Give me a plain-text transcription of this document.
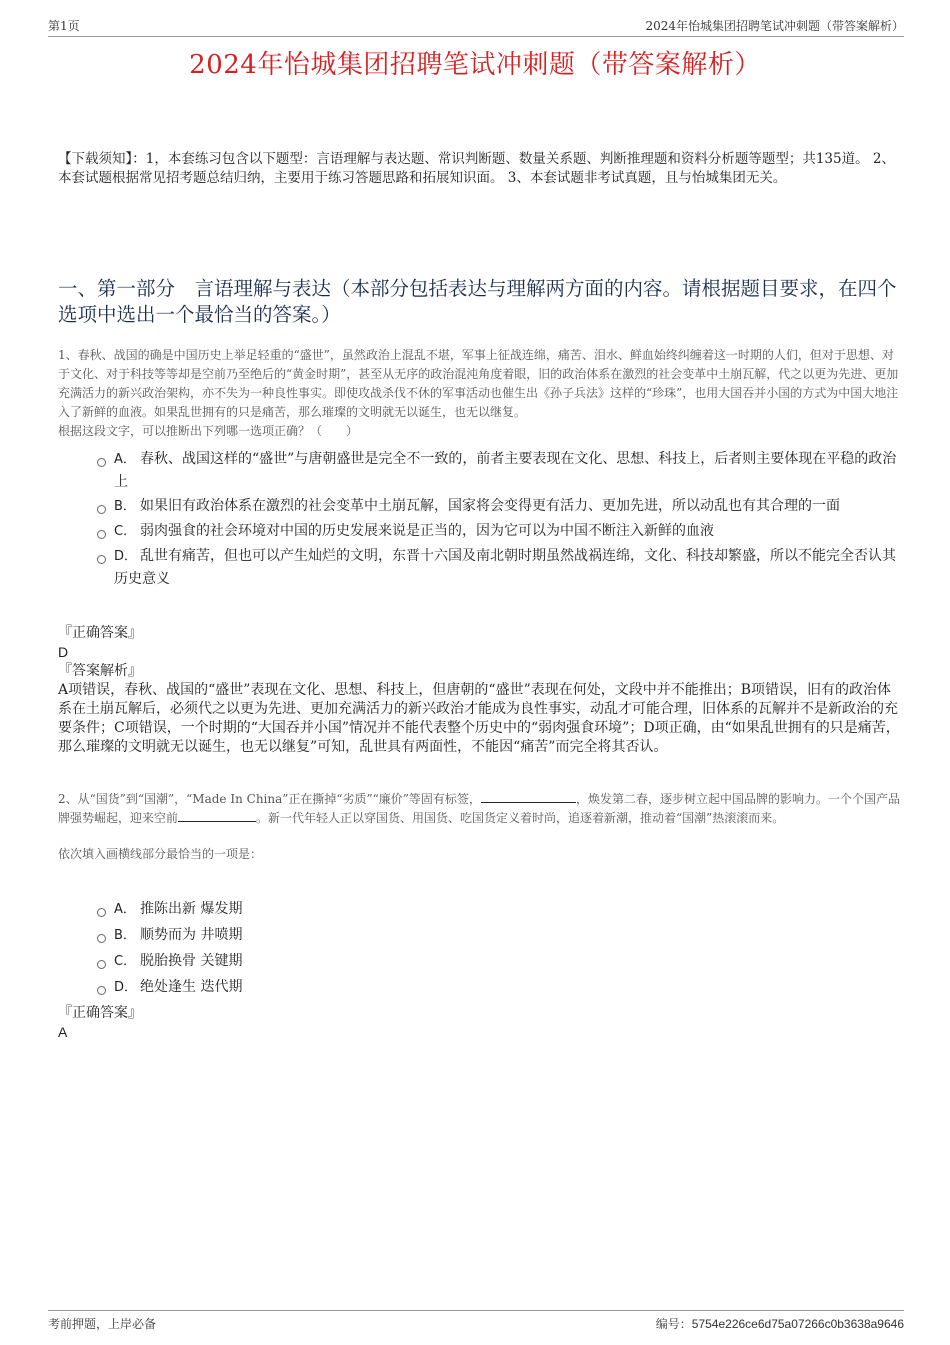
第1页	2024年怡城集团招聘笔试冲刺题（带答案解析）
2024年怡城集团招聘笔试冲刺题（带答案解析）
【下载须知】：1，本套练习包含以下题型：言语理解与表达题、常识判断题、数量关系题、判断推理题和资料分析题等题型；共135道。 2、本套试题根据常见招考题总结归纳，主要用于练习答题思路和拓展知识面。 3、本套试题非考试真题，且与怡城集团无关。
一、第一部分　言语理解与表达（本部分包括表达与理解两方面的内容。请根据题目要求，在四个选项中选出一个最恰当的答案。）
1、春秋、战国的确是中国历史上举足轻重的“盛世”，虽然政治上混乱不堪，军事上征战连绵，痛苦、泪水、鲜血始终纠缠着这一时期的人们，但对于思想、对于文化、对于科技等等却是空前乃至绝后的“黄金时期”，甚至从无序的政治混沌角度着眼，旧的政治体系在激烈的社会变革中土崩瓦解，代之以更为先进、更加充满活力的新兴政治架构，亦不失为一种良性事实。即使攻战杀伐不休的军事活动也催生出《孙子兵法》这样的“珍珠”，也用大国吞并小国的方式为中国大地注入了新鲜的血液。如果乱世拥有的只是痛苦，那么璀璨的文明就无以诞生，也无以继复。
根据这段文字，可以推断出下列哪一选项正确？（　　）
A． 春秋、战国这样的“盛世”与唐朝盛世是完全不一致的，前者主要表现在文化、思想、科技上，后者则主要体现在平稳的政治上
B． 如果旧有政治体系在激烈的社会变革中土崩瓦解，国家将会变得更有活力、更加先进，所以动乱也有其合理的一面
C． 弱肉强食的社会环境对中国的历史发展来说是正当的，因为它可以为中国不断注入新鲜的血液
D． 乱世有痛苦，但也可以产生灿烂的文明，东晋十六国及南北朝时期虽然战祸连绵，文化、科技却繁盛，所以不能完全否认其历史意义
『正确答案』
D
『答案解析』
A项错误，春秋、战国的“盛世”表现在文化、思想、科技上，但唐朝的“盛世”表现在何处，文段中并不能推出；B项错误，旧有的政治体系在土崩瓦解后，必须代之以更为先进、更加充满活力的新兴政治才能成为良性事实，动乱才可能合理，旧体系的瓦解并不是新政治的充要条件；C项错误，一个时期的“大国吞并小国”情况并不能代表整个历史中的“弱肉强食环境”；D项正确，由“如果乱世拥有的只是痛苦，那么璀璨的文明就无以诞生，也无以继复”可知，乱世具有两面性，不能因“痛苦”而完全将其否认。
2、从“国货”到“国潮”，“Made In China”正在撕掉“劣质”“廉价”等固有标签，	，焕发第二春，逐步树立起中国品牌的影响力。一个个国产品牌强势崛起，迎来空前	。新一代年轻人正以穿国货、用国货、吃国货定义着时尚，追逐着新潮，推动着“国潮”热滚滚而来。
依次填入画横线部分最恰当的一项是：
A． 推陈出新 爆发期
B． 顺势而为 井喷期
C． 脱胎换骨 关键期
D． 绝处逢生 迭代期
『正确答案』
A
考前押题，上岸必备	编号：5754e226ce6d75a07266c0b3638a9646
